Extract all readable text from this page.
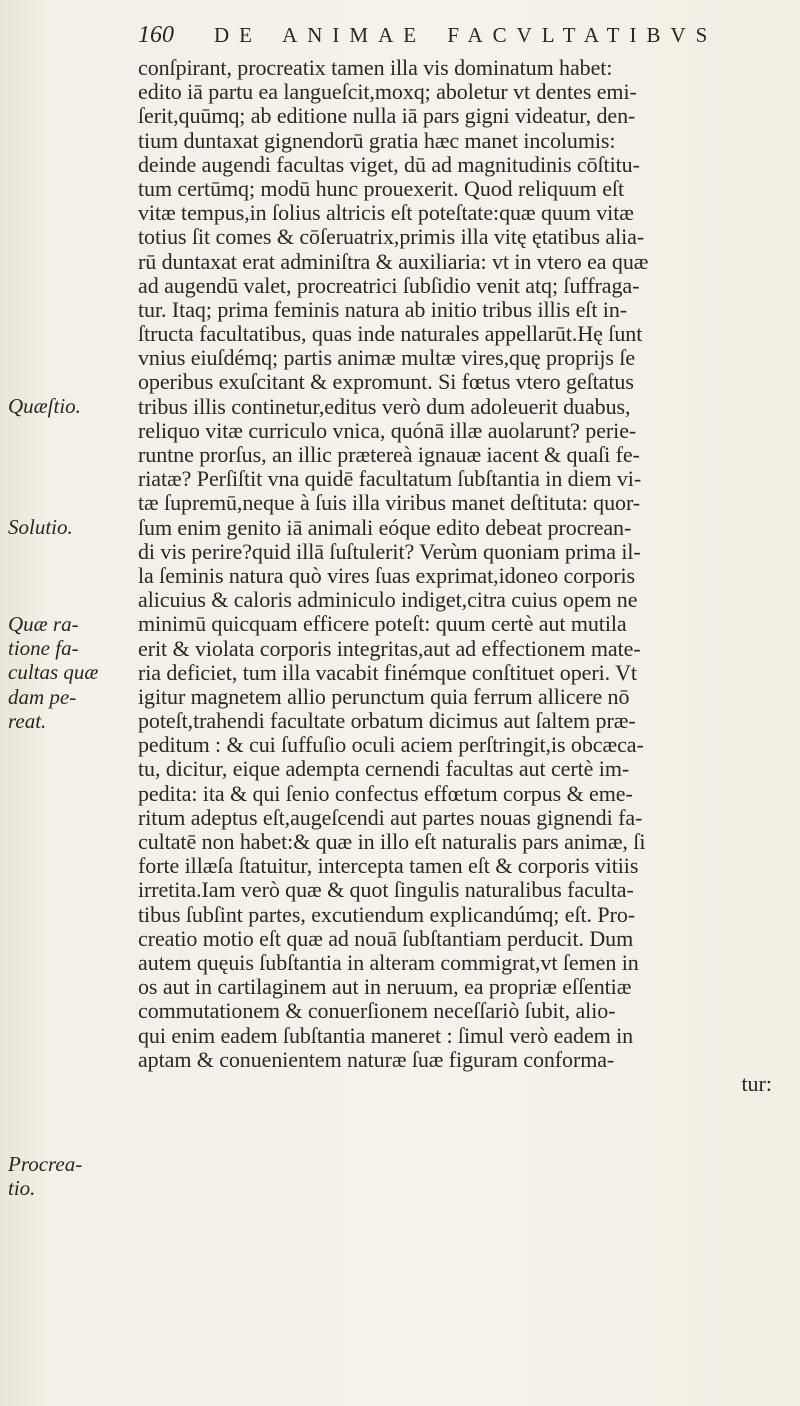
160 DE ANIMAE FACVLTATIBVS
conſpirant, procreatix tamen illa vis dominatum habet:
edito iā partu ea langueſcit,moxq; aboletur vt dentes emi-
ſerit,quūmq; ab editione nulla iā pars gigni videatur, den-
tium duntaxat gignendorū gratia hæc manet incolumis:
deinde augendi facultas viget, dū ad magnitudinis cōſtitu-
tum certūmq; modū hunc prouexerit. Quod reliquum eſt
vitæ tempus,in ſolius altricis eſt poteſtate:quæ quum vitæ
totius ſit comes & cōſeruatrix,primis illa vitę ętatibus alia-
rū duntaxat erat adminiſtra & auxiliaria: vt in vtero ea quæ
ad augendū valet, procreatrici ſubſidio venit atq; ſuffraga-
tur. Itaq; prima feminis natura ab initio tribus illis eſt in-
ſtructa facultatibus, quas inde naturales appellarūt.Hę ſunt
vnius eiuſdémq; partis animæ multæ vires,quę proprijs ſe
operibus exuſcitant & expromunt. Si fœtus vtero geſtatus
tribus illis continetur,editus verò dum adoleuerit duabus,
reliquo vitæ curriculo vnica, quónā illæ auolarunt? perie-
runtne prorſus, an illic prætereà ignauæ iacent & quaſi fe-
riatæ? Perſiſtit vna quidē facultatum ſubſtantia in diem vi-
tæ ſupremū,neque à ſuis illa viribus manet deſtituta: quor-
ſum enim genito iā animali eóque edito debeat procrean-
di vis perire?quid illā ſuſtulerit? Verùm quoniam prima il-
la ſeminis natura quò vires ſuas exprimat,idoneo corporis
alicuius & caloris adminiculo indiget,citra cuius opem ne
minimū quicquam efficere poteſt: quum certè aut mutila
erit & violata corporis integritas,aut ad effectionem mate-
ria deficiet, tum illa vacabit finémque conſtituet operi. Vt
igitur magnetem allio perunctum quia ferrum allicere nō
poteſt,trahendi facultate orbatum dicimus aut ſaltem præ-
peditum : & cui ſuffuſio oculi aciem perſtringit,is obcæca-
tu, dicitur, eique adempta cernendi facultas aut certè im-
pedita: ita & qui ſenio confectus effœtum corpus & eme-
ritum adeptus eſt,augeſcendi aut partes nouas gignendi fa-
cultatē non habet:& quæ in illo eſt naturalis pars animæ, ſi
forte illæſa ſtatuitur, intercepta tamen eſt & corporis vitiis
irretita.Iam verò quæ & quot ſingulis naturalibus faculta-
tibus ſubſint partes, excutiendum explicandúmq; eſt. Pro-
creatio motio eſt quæ ad nouā ſubſtantiam perducit. Dum
autem quęuis ſubſtantia in alteram commigrat,vt ſemen in
os aut in cartilaginem aut in neruum, ea propriæ eſſentiæ
commutationem & conuerſionem neceſſariò ſubit, alio-
qui enim eadem ſubſtantia maneret : ſimul verò eadem in
aptam & conuenientem naturæ ſuæ figuram conforma-
tur:
Quæſtio.
Solutio.
Quæ ra-
tione fa-
cultas quæ
dam pe-
reat.
Procrea-
tio.
